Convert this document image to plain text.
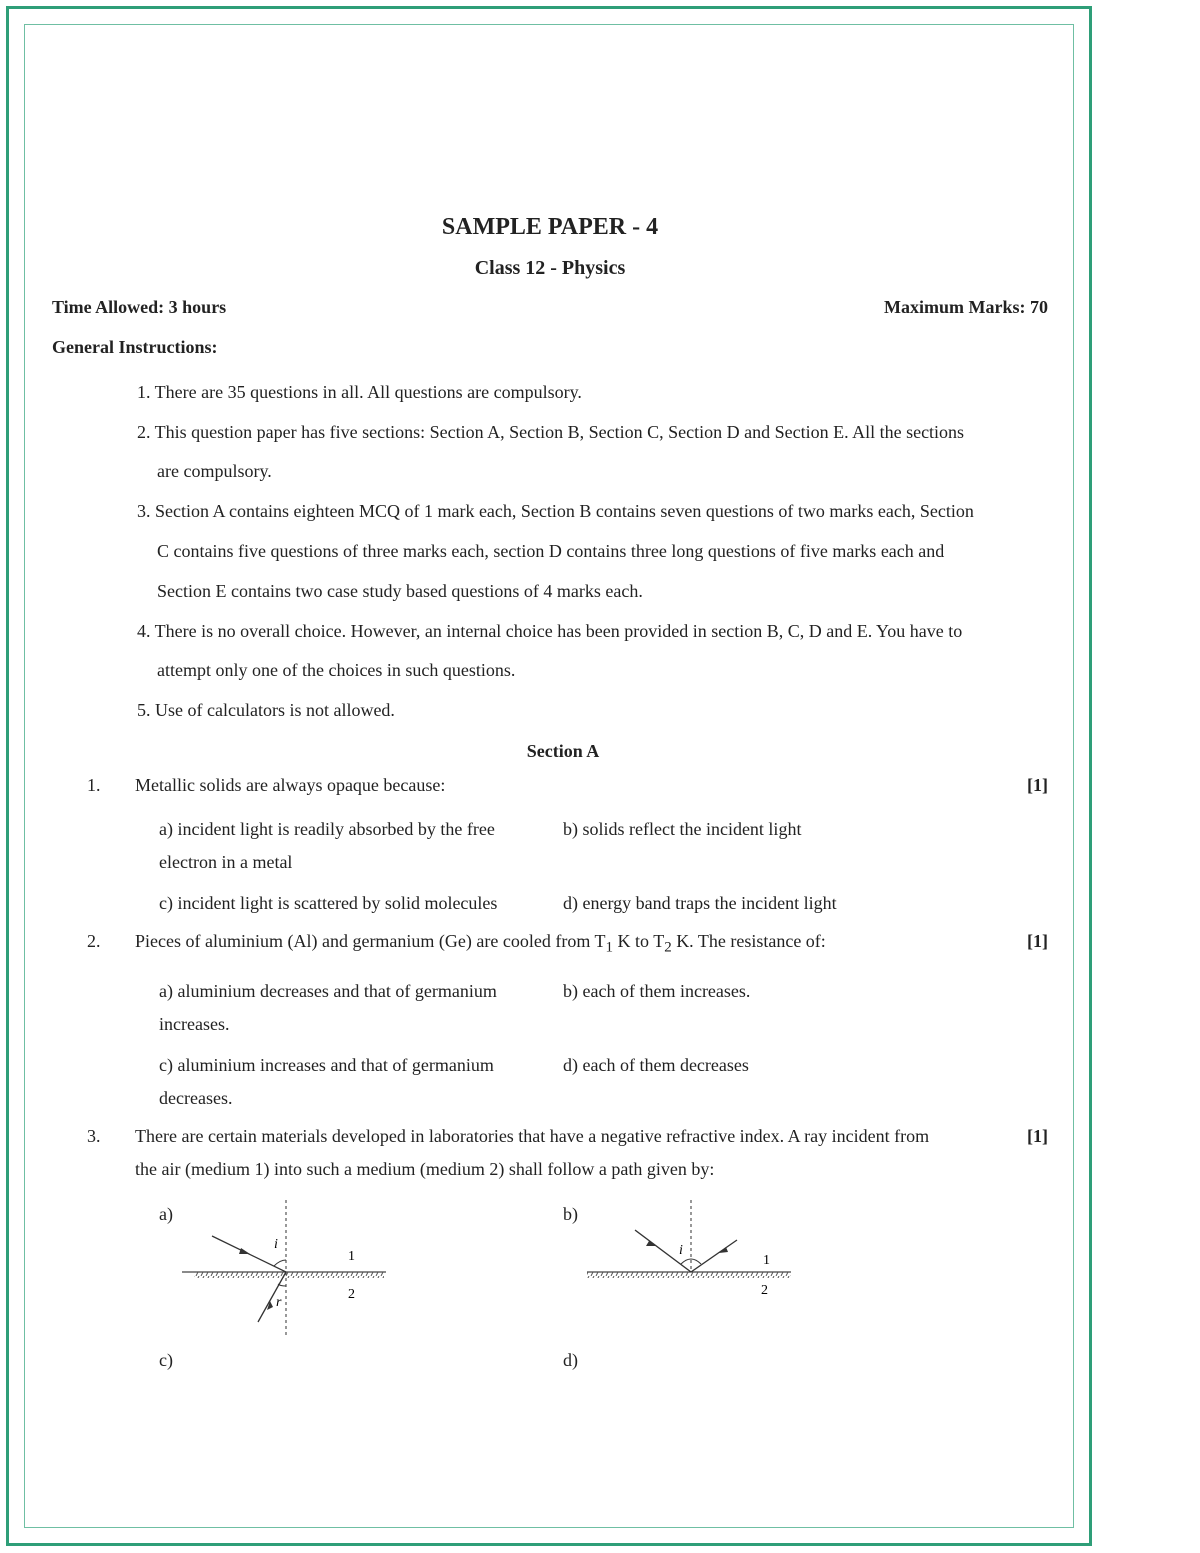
SAMPLE PAPER - 4
Class 12 - Physics
Time Allowed: 3 hours	Maximum Marks: 70
General Instructions:
1. There are 35 questions in all. All questions are compulsory.
2. This question paper has five sections: Section A, Section B, Section C, Section D and Section E. All the sections
are compulsory.
3. Section A contains eighteen MCQ of 1 mark each, Section B contains seven questions of two marks each, Section
C contains five questions of three marks each, section D contains three long questions of five marks each and
Section E contains two case study based questions of 4 marks each.
4. There is no overall choice. However, an internal choice has been provided in section B, C, D and E. You have to
attempt only one of the choices in such questions.
5. Use of calculators is not allowed.
Section A
1. Metallic solids are always opaque because:	[1]
a) incident light is readily absorbed by the free electron in a metal
b) solids reflect the incident light
c) incident light is scattered by solid molecules	d) energy band traps the incident light
2. Pieces of aluminium (Al) and germanium (Ge) are cooled from $T_1$ K to $T_2$ K. The resistance of:	[1]
a) aluminium decreases and that of germanium increases.
b) each of them increases.
c) aluminium increases and that of germanium decreases.
d) each of them decreases
3. There are certain materials developed in laboratories that have a negative refractive index. A ray incident from
the air (medium 1) into such a medium (medium 2) shall follow a path given by:
[1]
a)	b)
c)	d)
i
r
1
2
i
1
2
